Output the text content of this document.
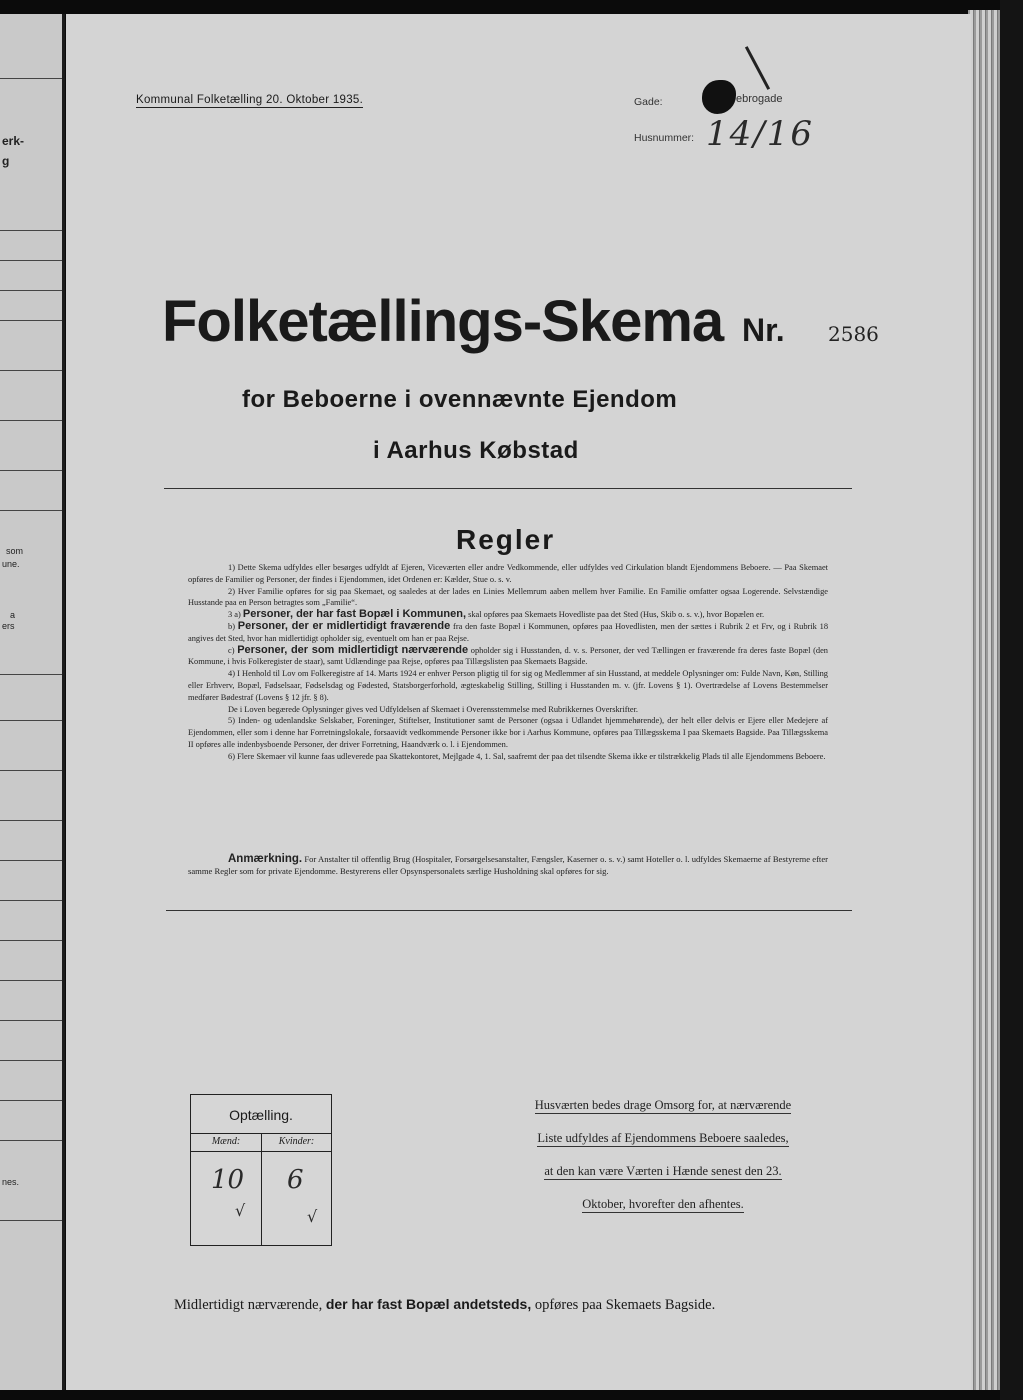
erk-
g
som
une.
a
ers
nes.
Kommunal Folketælling 20. Oktober 1935.	Gade:	ebrogade
Husnummer: 14/16
Folketællings-Skema Nr. 2586
for Beboerne i ovennævnte Ejendom
i Aarhus Købstad
Regler

1) Dette Skema udfyldes eller besørges udfyldt af Ejeren, Viceværten eller andre Vedkommende, eller udfyldes ved Cirkulation blandt Ejendommens Beboere. — Paa Skemaet opføres de Familier og Personer, der findes i Ejendommen, idet Ordenen er: Kælder, Stue o. s. v.

2) Hver Familie opføres for sig paa Skemaet, og saaledes at der lades en Linies Mellemrum aaben mellem hver Familie. En Familie omfatter ogsaa Logerende. Selvstændige Husstande paa en Person betragtes som „Familie“.

3 a) Personer, der har fast Bopæl i Kommunen, skal opføres paa Skemaets Hovedliste paa det Sted (Hus, Skib o. s. v.), hvor Bopælen er.

b) Personer, der er midlertidigt fraværende fra den faste Bopæl i Kommunen, opføres paa Hovedlisten, men der sættes i Rubrik 2 et Frv, og i Rubrik 18 angives det Sted, hvor han midlertidigt opholder sig, eventuelt om han er paa Rejse.

c) Personer, der som midlertidigt nærværende opholder sig i Husstanden, d. v. s. Personer, der ved Tællingen er fraværende fra deres faste Bopæl (den Kommune, i hvis Folkeregister de staar), samt Udlændinge paa Rejse, opføres paa Tillægslisten paa Skemaets Bagside.

4) I Henhold til Lov om Folkeregistre af 14. Marts 1924 er enhver Person pligtig til for sig og Medlemmer af sin Husstand, at meddele Oplysninger om: Fulde Navn, Køn, Stilling eller Erhverv, Bopæl, Fødselsaar, Fødselsdag og Fødested, Statsborgerforhold, ægteskabelig Stilling, Stilling i Husstanden m. v. (jfr. Lovens § 1). Overtrædelse af Lovens Bestemmelser medfører Bødestraf (Lovens § 12 jfr. § 8).

De i Loven begærede Oplysninger gives ved Udfyldelsen af Skemaet i Overensstemmelse med Rubrikkernes Overskrifter.

5) Inden- og udenlandske Selskaber, Foreninger, Stiftelser, Institutioner samt de Personer (ogsaa i Udlandet hjemmehørende), der helt eller delvis er Ejere eller Medejere af Ejendommen, eller som i denne har Forretningslokale, forsaavidt vedkommende Personer ikke bor i Aarhus Kommune, opføres paa Tillægsskema I paa Skemaets Bagside. Paa Tillægsskema II opføres alle indenbysboende Personer, der driver Forretning, Haandværk o. l. i Ejendommen.

6) Flere Skemaer vil kunne faas udleverede paa Skattekontoret, Mejlgade 4, 1. Sal, saafremt der paa det tilsendte Skema ikke er tilstrækkelig Plads til alle Ejendommens Beboere.

Anmærkning. For Anstalter til offentlig Brug (Hospitaler, Forsørgelsesanstalter, Fængsler, Kaserner o. s. v.) samt Hoteller o. l. udfyldes Skemaerne af Bestyrerne efter samme Regler som for private Ejendomme. Bestyrerens eller Opsynspersonalets særlige Husholdning skal opføres for sig.

Optælling.
Mænd:	Kvinder:
10 6
√	√
Husværten bedes drage Omsorg for, at nærværende
Liste udfyldes af Ejendommens Beboere saaledes,
at den kan være Værten i Hænde senest den 23.
Oktober, hvorefter den afhentes.
Midlertidigt nærværende, der har fast Bopæl andetsteds, opføres paa Skemaets Bagside.
